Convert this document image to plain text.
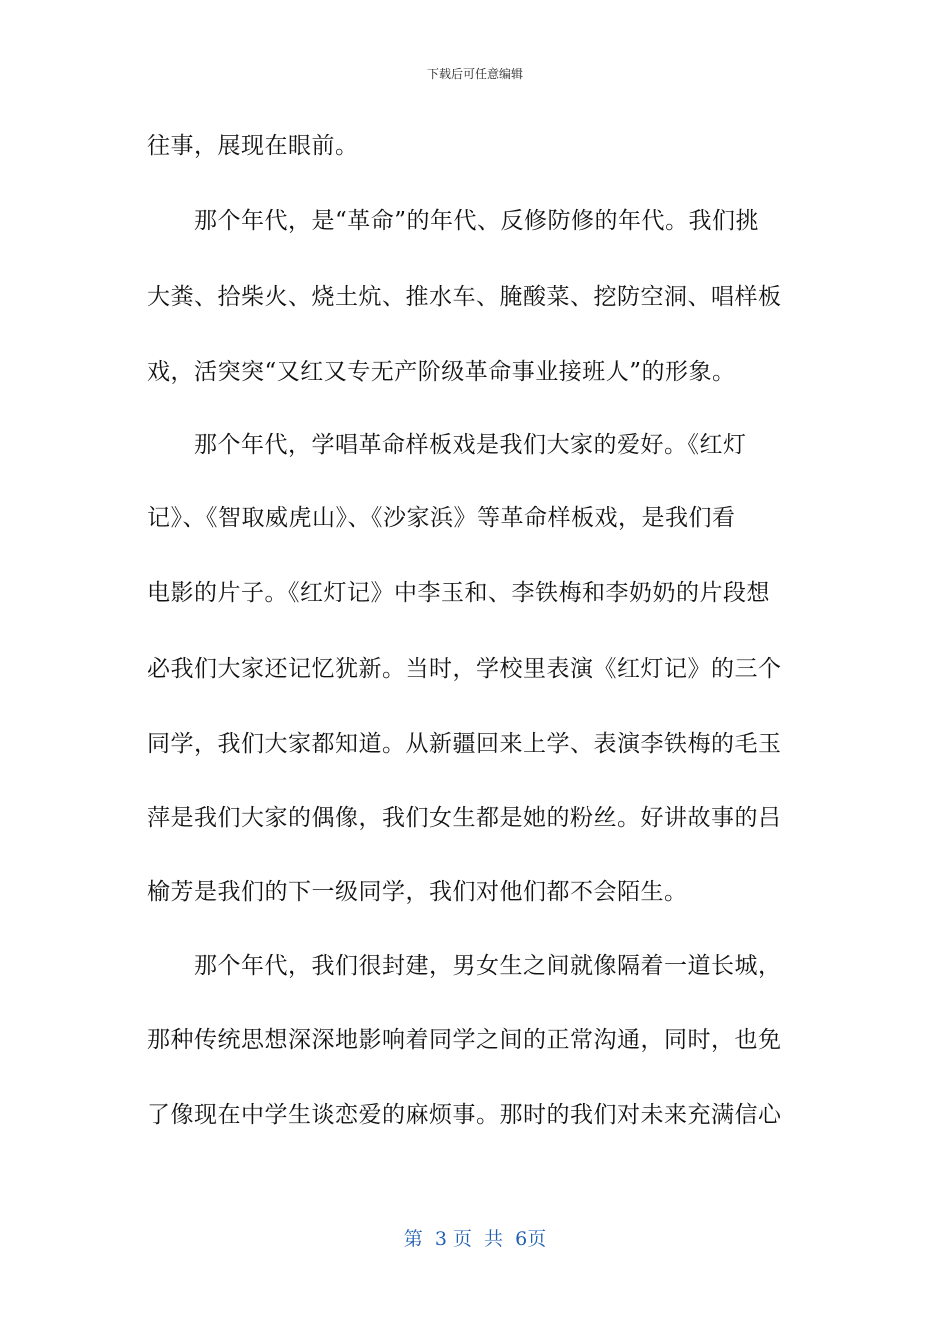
下载后可任意编辑
往事，展现在眼前。
　　那个年代，是“革命”的年代、反修防修的年代。我们挑
大粪、拾柴火、烧土炕、推水车、腌酸菜、挖防空洞、唱样板
戏，活突突“又红又专无产阶级革命事业接班人”的形象。
　　那个年代，学唱革命样板戏是我们大家的爱好。《红灯
记》、《智取威虎山》、《沙家浜》等革命样板戏，是我们看
电影的片子。《红灯记》中李玉和、李铁梅和李奶奶的片段想
必我们大家还记忆犹新。当时，学校里表演《红灯记》的三个
同学，我们大家都知道。从新疆回来上学、表演李铁梅的毛玉
萍是我们大家的偶像，我们女生都是她的粉丝。好讲故事的吕
榆芳是我们的下一级同学，我们对他们都不会陌生。
　　那个年代，我们很封建，男女生之间就像隔着一道长城，
那种传统思想深深地影响着同学之间的正常沟通，同时，也免
了像现在中学生谈恋爱的麻烦事。那时的我们对未来充满信心
第  3 页  共  6页
